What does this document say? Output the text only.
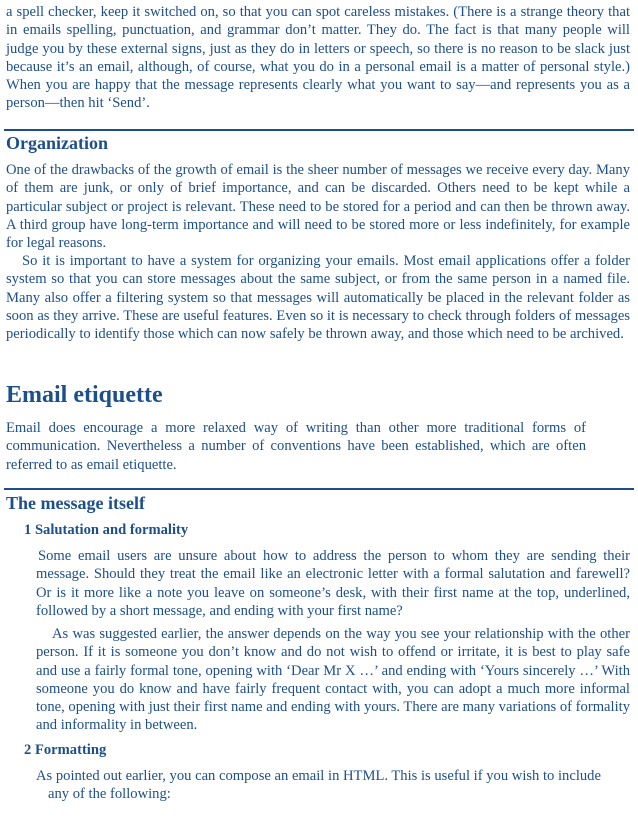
a spell checker, keep it switched on, so that you can spot careless mistakes. (There is a strange theory that in emails spelling, punctuation, and grammar don’t matter. They do. The fact is that many people will judge you by these external signs, just as they do in letters or speech, so there is no reason to be slack just because it’s an email, although, of course, what you do in a personal email is a matter of personal style.) When you are happy that the message represents clearly what you want to say—and represents you as a person—then hit ‘Send’.

Organization

One of the drawbacks of the growth of email is the sheer number of messages we receive every day. Many of them are junk, or only of brief importance, and can be discarded. Others need to be kept while a particular subject or project is relevant. These need to be stored for a period and can then be thrown away. A third group have long-term importance and will need to be stored more or less indefinitely, for example for legal reasons.

So it is important to have a system for organizing your emails. Most email applications offer a folder system so that you can store messages about the same subject, or from the same person in a named file. Many also offer a filtering system so that messages will automatically be placed in the relevant folder as soon as they arrive. These are useful features. Even so it is necessary to check through folders of messages periodically to identify those which can now safely be thrown away, and those which need to be archived.

Email etiquette

Email does encourage a more relaxed way of writing than other more traditional forms of communication. Nevertheless a number of conventions have been established, which are often referred to as email etiquette.

The message itself
1 Salutation and formality

Some email users are unsure about how to address the person to whom they are sending their message. Should they treat the email like an electronic letter with a formal salutation and farewell? Or is it more like a note you leave on someone’s desk, with their first name at the top, underlined, followed by a short message, and ending with your first name?

As was suggested earlier, the answer depends on the way you see your relationship with the other person. If it is someone you don’t know and do not wish to offend or irritate, it is best to play safe and use a fairly formal tone, opening with ‘Dear Mr X …’ and ending with ‘Yours sincerely …’ With someone you do know and have fairly frequent contact with, you can adopt a much more informal tone, opening with just their first name and ending with yours. There are many variations of formality and informality in between.

2 Formatting

As pointed out earlier, you can compose an email in HTML. This is useful if you wish to include

any of the following:
